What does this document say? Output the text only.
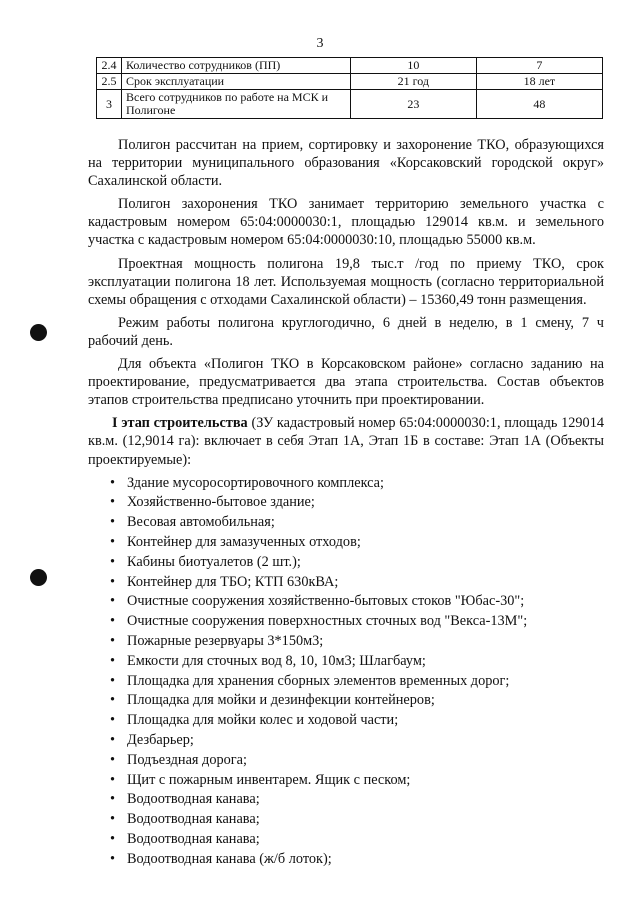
3
2.4	Количество сотрудников (ПП)	10	7
2.5	Срок эксплуатации	21 год	18 лет
3	Всего сотрудников по работе на МСК и Полигоне	23	48

Полигон рассчитан на прием, сортировку и захоронение ТКО, образующихся на территории муниципального образования «Корсаковский городской округ» Сахалинской области.

Полигон захоронения ТКО занимает территорию земельного участка с кадастровым номером 65:04:0000030:1, площадью 129014 кв.м. и земельного участка с кадастровым номером 65:04:0000030:10, площадью 55000 кв.м.

Проектная мощность полигона 19,8 тыс.т /год по приему ТКО, срок эксплуатации полигона 18 лет. Используемая мощность (согласно территориальной схемы обращения с отходами Сахалинской области) – 15360,49 тонн размещения.

Режим работы полигона круглогодично, 6 дней в неделю, в 1 смену, 7 ч рабочий день.

Для объекта «Полигон ТКО в Корсаковском районе» согласно заданию на проектирование, предусматривается два этапа строительства. Состав объектов этапов строительства предписано уточнить при проектировании.

I этап строительства (ЗУ кадастровый номер 65:04:0000030:1, площадь 129014 кв.м. (12,9014 га): включает в себя Этап 1А, Этап 1Б в составе: Этап 1А (Объекты проектируемые):

• Здание мусоросортировочного комплекса;
• Хозяйственно-бытовое здание;
• Весовая автомобильная;
• Контейнер для замазученных отходов;
• Кабины биотуалетов (2 шт.);
• Контейнер для ТБО; КТП 630кВА;
• Очистные сооружения хозяйственно-бытовых стоков "Юбас-30";
• Очистные сооружения поверхностных сточных вод "Векса-13М";
• Пожарные резервуары 3*150м3;
• Емкости для сточных вод 8, 10, 10м3; Шлагбаум;
• Площадка для хранения сборных элементов временных дорог;
• Площадка для мойки и дезинфекции контейнеров;
• Площадка для мойки колес и ходовой части;
• Дезбарьер;
• Подъездная дорога;
• Щит с пожарным инвентарем. Ящик с песком;
• Водоотводная канава;
• Водоотводная канава;
• Водоотводная канава;
• Водоотводная канава (ж/б лоток);
